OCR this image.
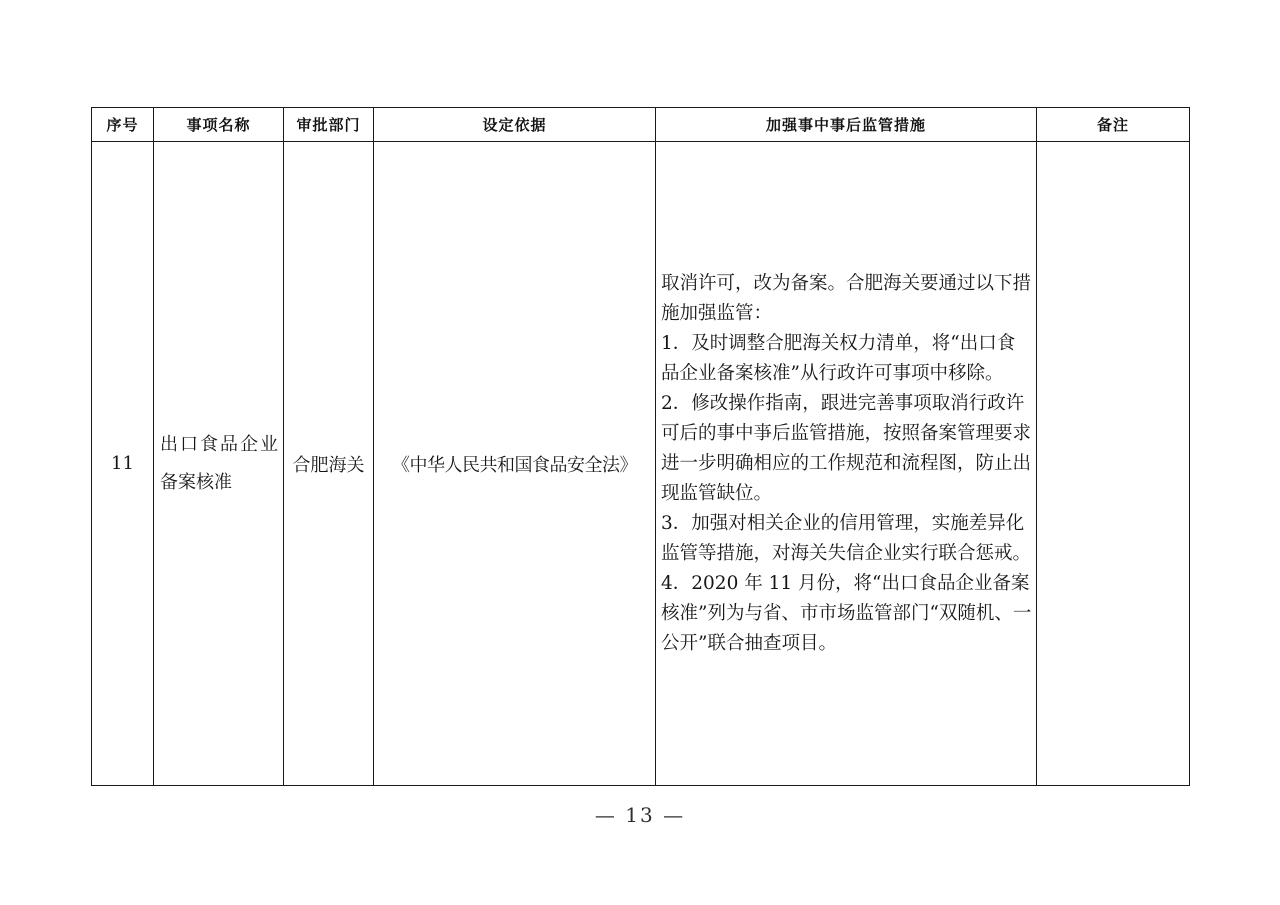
序号	事项名称	审批部门	设定依据	加强事中事后监管措施	备注
11	出口食品企业备案核准	合肥海关	《中华人民共和国食品安全法》	取消许可，改为备案。合肥海关要通过以下措施加强监管：
1．及时调整合肥海关权力清单，将“出口食品企业备案核准”从行政许可事项中移除。
2．修改操作指南，跟进完善事项取消行政许可后的事中亊后监管措施，按照备案管理要求进一步明确相应的工作规范和流程图，防止出现监管缺位。
3．加强对相关企业的信用管理，实施差异化监管等措施，对海关失信企业实行联合惩戒。
4．2020 年 11 月份，将“出口食品企业备案核准”列为与省、市市场监管部门“双随机、一公开”联合抽查项目。	

— 13 —
